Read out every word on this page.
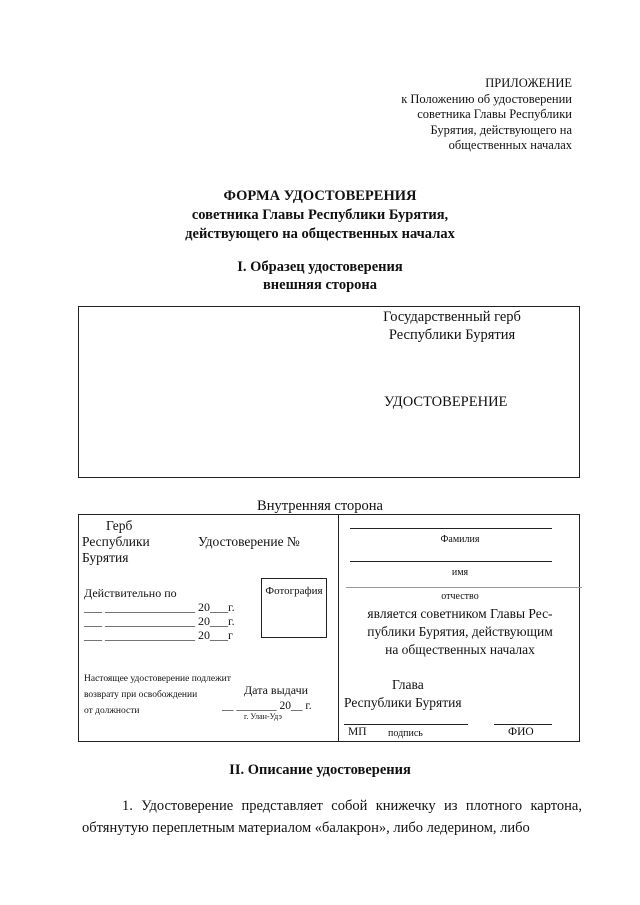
ПРИЛОЖЕНИЕ
к Положению об удостоверении
советника Главы Республики
Бурятия, действующего на
общественных началах
ФОРМА УДОСТОВЕРЕНИЯ
советника Главы Республики Бурятия,
действующего на общественных началах
I. Образец удостоверения
внешняя сторона
Государственный герб
Республики Бурятия
УДОСТОВЕРЕНИЕ
Внутренняя сторона
Герб
Республики
Бурятия
Удостоверение №
Действительно по	Фотография
___ _______________ 20___г.
___ _______________ 20___г.
___ _______________ 20___г
Настоящее удостоверение подлежит
возврату при освобождении
от должности
Дата выдачи
__ _______ 20__ г.
г. Улан-Удэ
Фамилия
имя
отчество
является советником Главы Рес-
публики Бурятия, действующим
на общественных началах
Глава
Республики Бурятия
МП подпись	ФИО
II. Описание удостоверения
1. Удостоверение представляет собой книжечку из плотного картона, обтянутую переплетным материалом «балакрон», либо ледерином, либо
